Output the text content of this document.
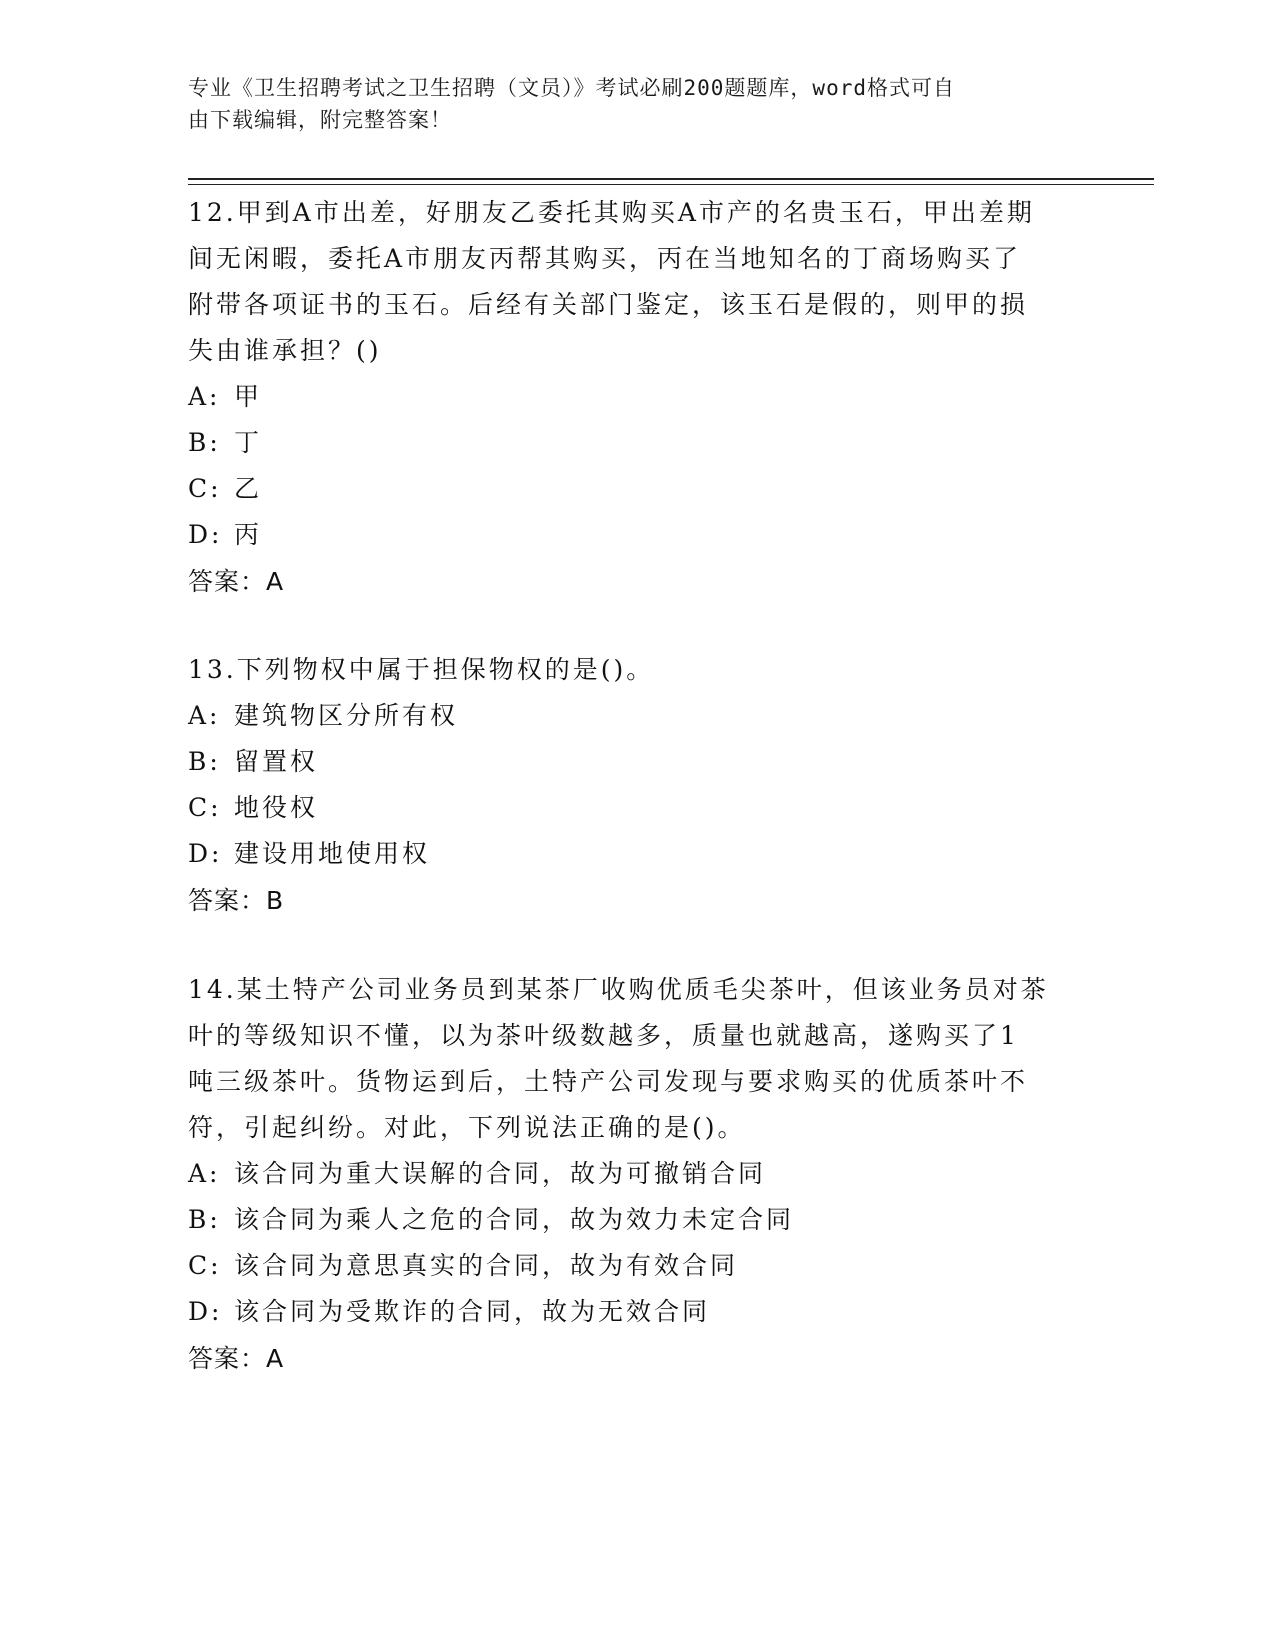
专业《卫生招聘考试之卫生招聘（文员）》考试必刷200题题库，word格式可自
由下载编辑，附完整答案！
12.甲到A市出差，好朋友乙委托其购买A市产的名贵玉石，甲出差期
间无闲暇，委托A市朋友丙帮其购买，丙在当地知名的丁商场购买了
附带各项证书的玉石。后经有关部门鉴定，该玉石是假的，则甲的损
失由谁承担？()
A: 甲
B: 丁
C: 乙
D: 丙
答案：A
13.下列物权中属于担保物权的是()。
A: 建筑物区分所有权
B: 留置权
C: 地役权
D: 建设用地使用权
答案：B
14.某土特产公司业务员到某茶厂收购优质毛尖茶叶，但该业务员对茶
叶的等级知识不懂，以为茶叶级数越多，质量也就越高，遂购买了1
吨三级茶叶。货物运到后，土特产公司发现与要求购买的优质茶叶不
符，引起纠纷。对此，下列说法正确的是()。
A: 该合同为重大误解的合同，故为可撤销合同
B: 该合同为乘人之危的合同，故为效力未定合同
C: 该合同为意思真实的合同，故为有效合同
D: 该合同为受欺诈的合同，故为无效合同
答案：A
